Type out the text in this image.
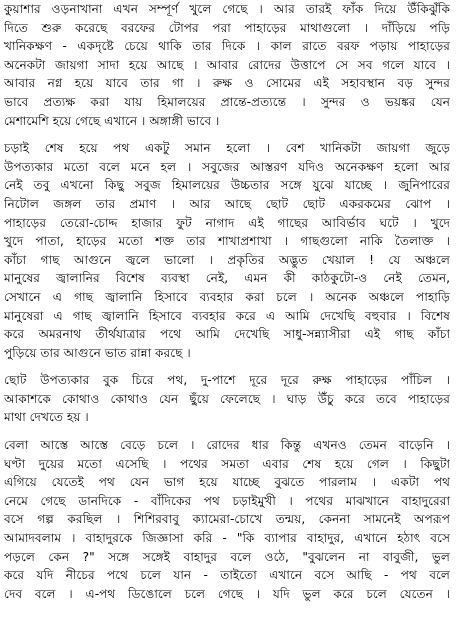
কুয়াশার ওড়নাখানা এখন সম্পূর্ণ খুলে গেছে । আর তারই ফাঁক দিয়ে উঁকিঝুঁকি
দিতে শুরু করেছে বরফের টোপর পরা পাহাড়ের মাথাগুলো । দাঁড়িয়ে পড়ি
খানিকক্ষণ - একদৃষ্টে চেয়ে থাকি তার দিকে । কাল রাতে বরফ পড়ায় পাহাড়ের
অনেকটা জায়গা সাদা হয়ে আছে । আবার রোদের উত্তাপে সে সব গলে যাবে ।
আবার নগ্ন হয়ে যাবে তার গা । রুক্ষ ও সোমের এই সহাবস্থান বড় সুন্দর
ভাবে প্রত্যক্ষ করা যায় হিমালয়ের প্রান্তে-প্রত্যন্তে । সুন্দর ও ভয়ঙ্কর যেন
মেশামেশি হয়ে গেছে এখানে । অঙ্গাঙ্গী ভাবে ।

চড়াই শেষ হয়ে পথ একটু সমান হলো । বেশ খানিকটা জায়গা জুড়ে
উপত্যকার মতো বলে মনে হল । সবুজের আস্তরণ যদিও অনেকক্ষণ হলো আর
নেই তবু এখনো কিছু সবুজ হিমালয়ের উচ্চতার সঙ্গে যুঝে যাচ্ছে । জুনিপারের
নিটোল জঙ্গল তার প্রমাণ । আর আছে ছোট ছোট একরকমের ঝোপ ।
পাহাড়ের তেরো-চোদ্দ হাজার ফুট নাগাদ এই গাছের আবির্ভাব ঘটে । খুদে
খুদে পাতা, হাড়ের মতো শক্ত তার শাখাপ্রশাখা । গাছগুলো নাকি তৈলাক্ত ।
কাঁচা গাছ আগুনে জ্বলে ভালো । প্রকৃতির অদ্ভুত খেয়াল ! যে অঞ্চলে
মানুষের জ্বালানির বিশেষ ব্যবস্থা নেই, এমন কী কাঠকুটো-ও নেই তেমন,
সেখানে এ গাছ জ্বালানি হিসাবে ব্যবহার করা চলে । অনেক অঞ্চলে পাহাড়ি
মানুষেরা এ গাছ জ্বালানি হিসাবে ব্যবহার করে এ আমি দেখেছি বহুবার । বিশেষ
করে অমরনাথ তীর্থযাত্রার পথে আমি দেখেছি সাধু-সন্ন্যাসীরা এই গাছ কাঁচা
পুড়িয়ে তার আগুনে ভাত রান্না করছে ।

ছোট উপত্যকার বুক চিরে পথ, দু-পাশে দূরে দূরে রুক্ষ পাহাড়ের পাঁচিল ।
আকাশকে কোথাও কোথাও যেন ছুঁয়ে ফেলেছে । ঘাড় উঁচু করে তবে পাহাড়ের
মাথা দেখতে হয় ।

বেলা আস্তে আস্তে বেড়ে চলে । রোদের ধার কিন্তু এখনও তেমন বাড়েনি ।
ঘণ্টা দুয়ের মতো এসেছি । পথের সমতা এবার শেষ হয়ে গেল । কিছুটা
এগিয়ে যেতেই পথ যেন ভাগ হয়ে যাচ্ছে বুঝতে পারলাম । একটা পথ
নেমে গেছে ডানদিকে - বাঁদিকের পথ চড়াইমুখী । পথের মাঝখানে বাহাদুরেরা
বসে গল্প করছিল । শিশিরবাবু ক্যামেরা-চোখে তন্ময়, কেননা সামনেই অপরূপ
আমাদবলাম । বাহাদুরকে জিজ্ঞাসা করি - "কি ব্যাপার বাহাদুর, এখানে হঠাৎ বসে
পড়লে কেন ?" সঙ্গে সঙ্গেই বাহাদুর বলে ওঠে, "বুঝলেন না বাবুজী, ভুল
করে যদি নীচের পথে চলে যান - তাইতো এখানে বসে আছি - পথ বলে
দেব বলে । এ-পথ ডিঙোলে চলে গেছে । যদি ভুল করে চলে যেতেন ।
